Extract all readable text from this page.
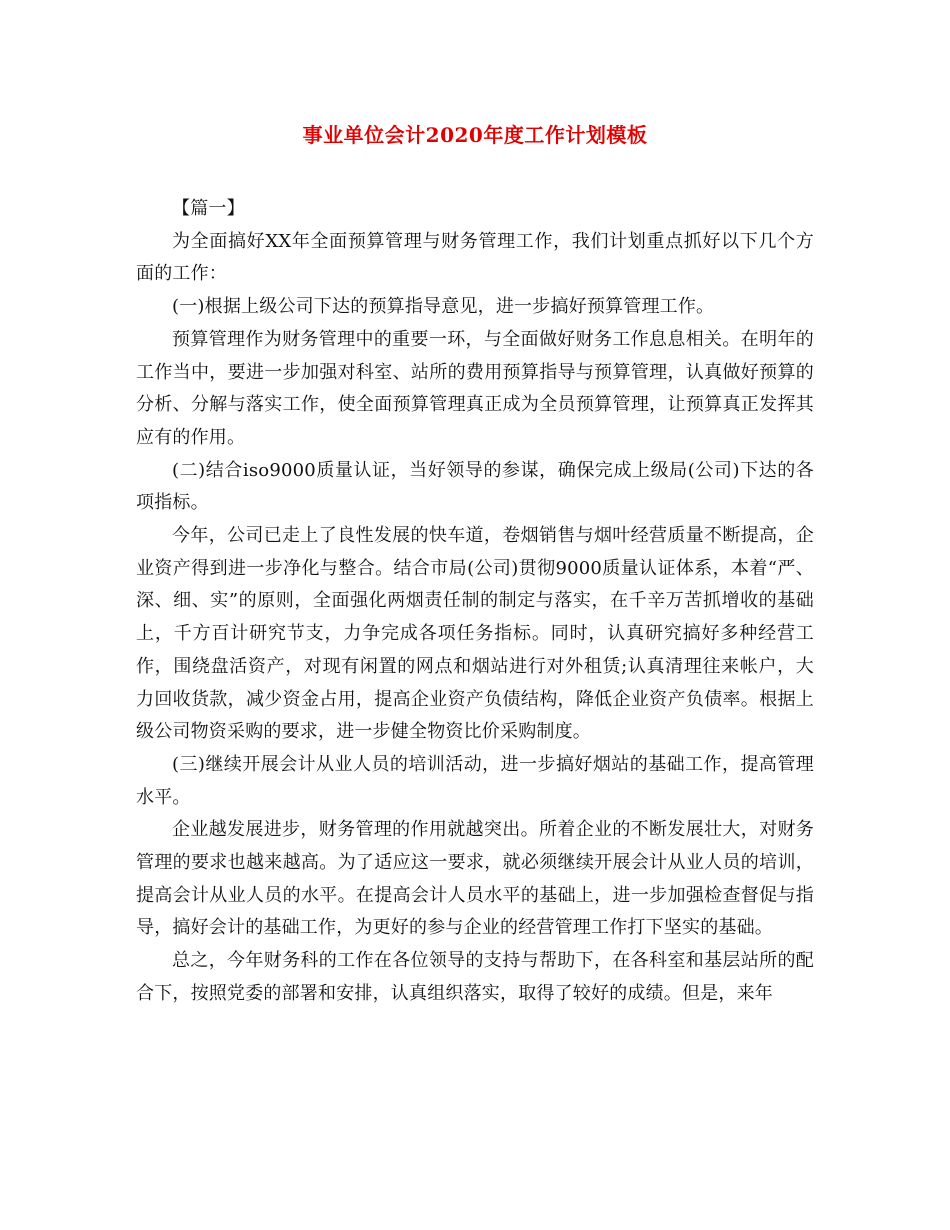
事业单位会计2020年度工作计划模板

【篇一】

为全面搞好XX年全面预算管理与财务管理工作，我们计划重点抓好以下几个方面的工作：

(一)根据上级公司下达的预算指导意见，进一步搞好预算管理工作。

预算管理作为财务管理中的重要一环，与全面做好财务工作息息相关。在明年的工作当中，要进一步加强对科室、站所的费用预算指导与预算管理，认真做好预算的分析、分解与落实工作，使全面预算管理真正成为全员预算管理，让预算真正发挥其应有的作用。

(二)结合iso9000质量认证，当好领导的参谋，确保完成上级局(公司)下达的各项指标。

今年，公司已走上了良性发展的快车道，卷烟销售与烟叶经营质量不断提高，企业资产得到进一步净化与整合。结合市局(公司)贯彻9000质量认证体系，本着“严、深、细、实”的原则，全面强化两烟责任制的制定与落实，在千辛万苦抓增收的基础上，千方百计研究节支，力争完成各项任务指标。同时，认真研究搞好多种经营工作，围绕盘活资产，对现有闲置的网点和烟站进行对外租赁;认真清理往来帐户，大力回收货款，减少资金占用，提高企业资产负债结构，降低企业资产负债率。根据上级公司物资采购的要求，进一步健全物资比价采购制度。

(三)继续开展会计从业人员的培训活动，进一步搞好烟站的基础工作，提高管理水平。

企业越发展进步，财务管理的作用就越突出。所着企业的不断发展壮大，对财务管理的要求也越来越高。为了适应这一要求，就必须继续开展会计从业人员的培训，提高会计从业人员的水平。在提高会计人员水平的基础上，进一步加强检查督促与指导，搞好会计的基础工作，为更好的参与企业的经营管理工作打下坚实的基础。

总之，今年财务科的工作在各位领导的支持与帮助下，在各科室和基层站所的配合下，按照党委的部署和安排，认真组织落实，取得了较好的成绩。但是，来年
